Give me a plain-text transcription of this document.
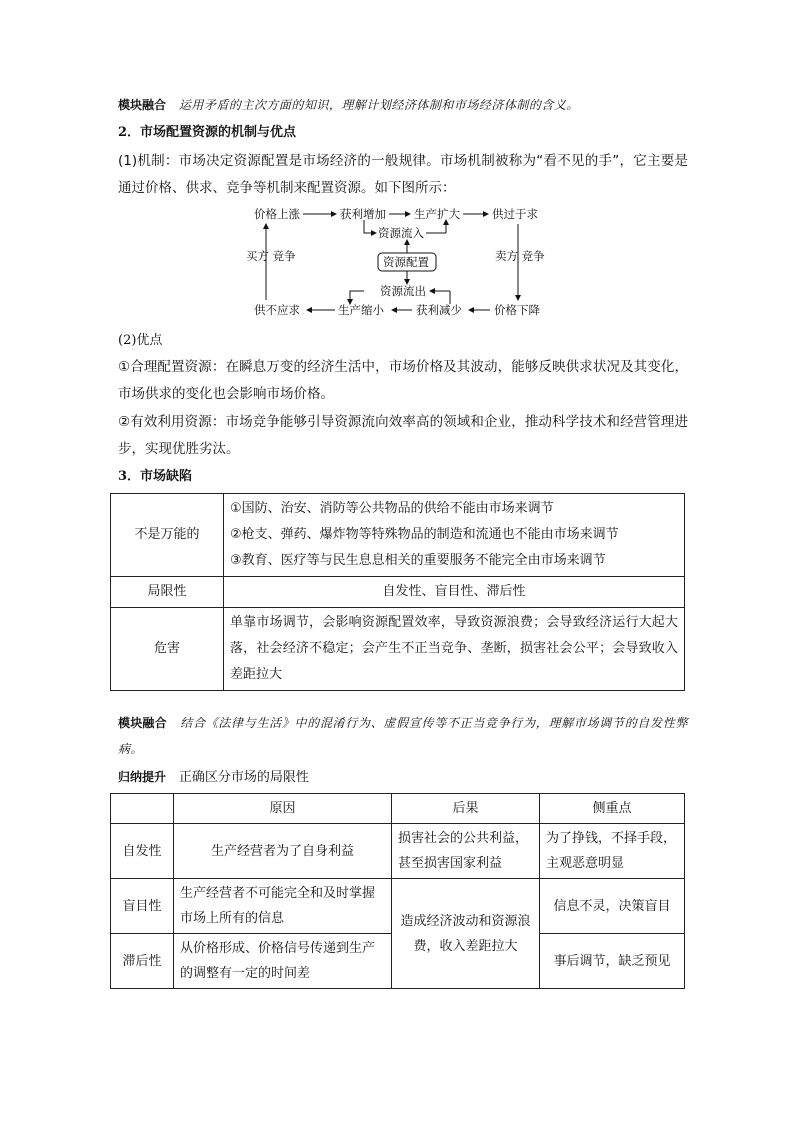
模块融合 运用矛盾的主次方面的知识，理解计划经济体制和市场经济体制的含义。
2．市场配置资源的机制与优点
(1)机制：市场决定资源配置是市场经济的一般规律。市场机制被称为“看不见的手”，它主要是通过价格、供求、竞争等机制来配置资源。如下图所示：
价格上涨	获利增加 生产扩大	供过于求
资源流入
资源配置
资源流出
供不应求	生产缩小	获利减少	价格下降
买方 竞争	卖方 竞争
(2)优点
①合理配置资源：在瞬息万变的经济生活中，市场价格及其波动，能够反映供求状况及其变化，市场供求的变化也会影响市场价格。
②有效利用资源：市场竞争能够引导资源流向效率高的领域和企业，推动科学技术和经营管理进步，实现优胜劣汰。
3．市场缺陷
不是万能的	①国防、治安、消防等公共物品的供给不能由市场来调节
②枪支、弹药、爆炸物等特殊物品的制造和流通也不能由市场来调节
③教育、医疗等与民生息息相关的重要服务不能完全由市场来调节

局限性	自发性、盲目性、滞后性
危害	单靠市场调节，会影响资源配置效率，导致资源浪费；会导致经济运行大起大落，社会经济不稳定；会产生不正当竞争、垄断，损害社会公平；会导致收入差距拉大
模块融合 结合《法律与生活》中的混淆行为、虚假宣传等不正当竞争行为，理解市场调节的自发性弊病。
归纳提升 正确区分市场的局限性
	原因	后果	侧重点
自发性	生产经营者为了自身利益	损害社会的公共利益，甚至损害国家利益	为了挣钱，不择手段，主观恶意明显
盲目性	生产经营者不可能完全和及时掌握市场上所有的信息	造成经济波动和资源浪费，收入差距拉大	信息不灵，决策盲目
滞后性	从价格形成、价格信号传递到生产的调整有一定的时间差		事后调节，缺乏预见
